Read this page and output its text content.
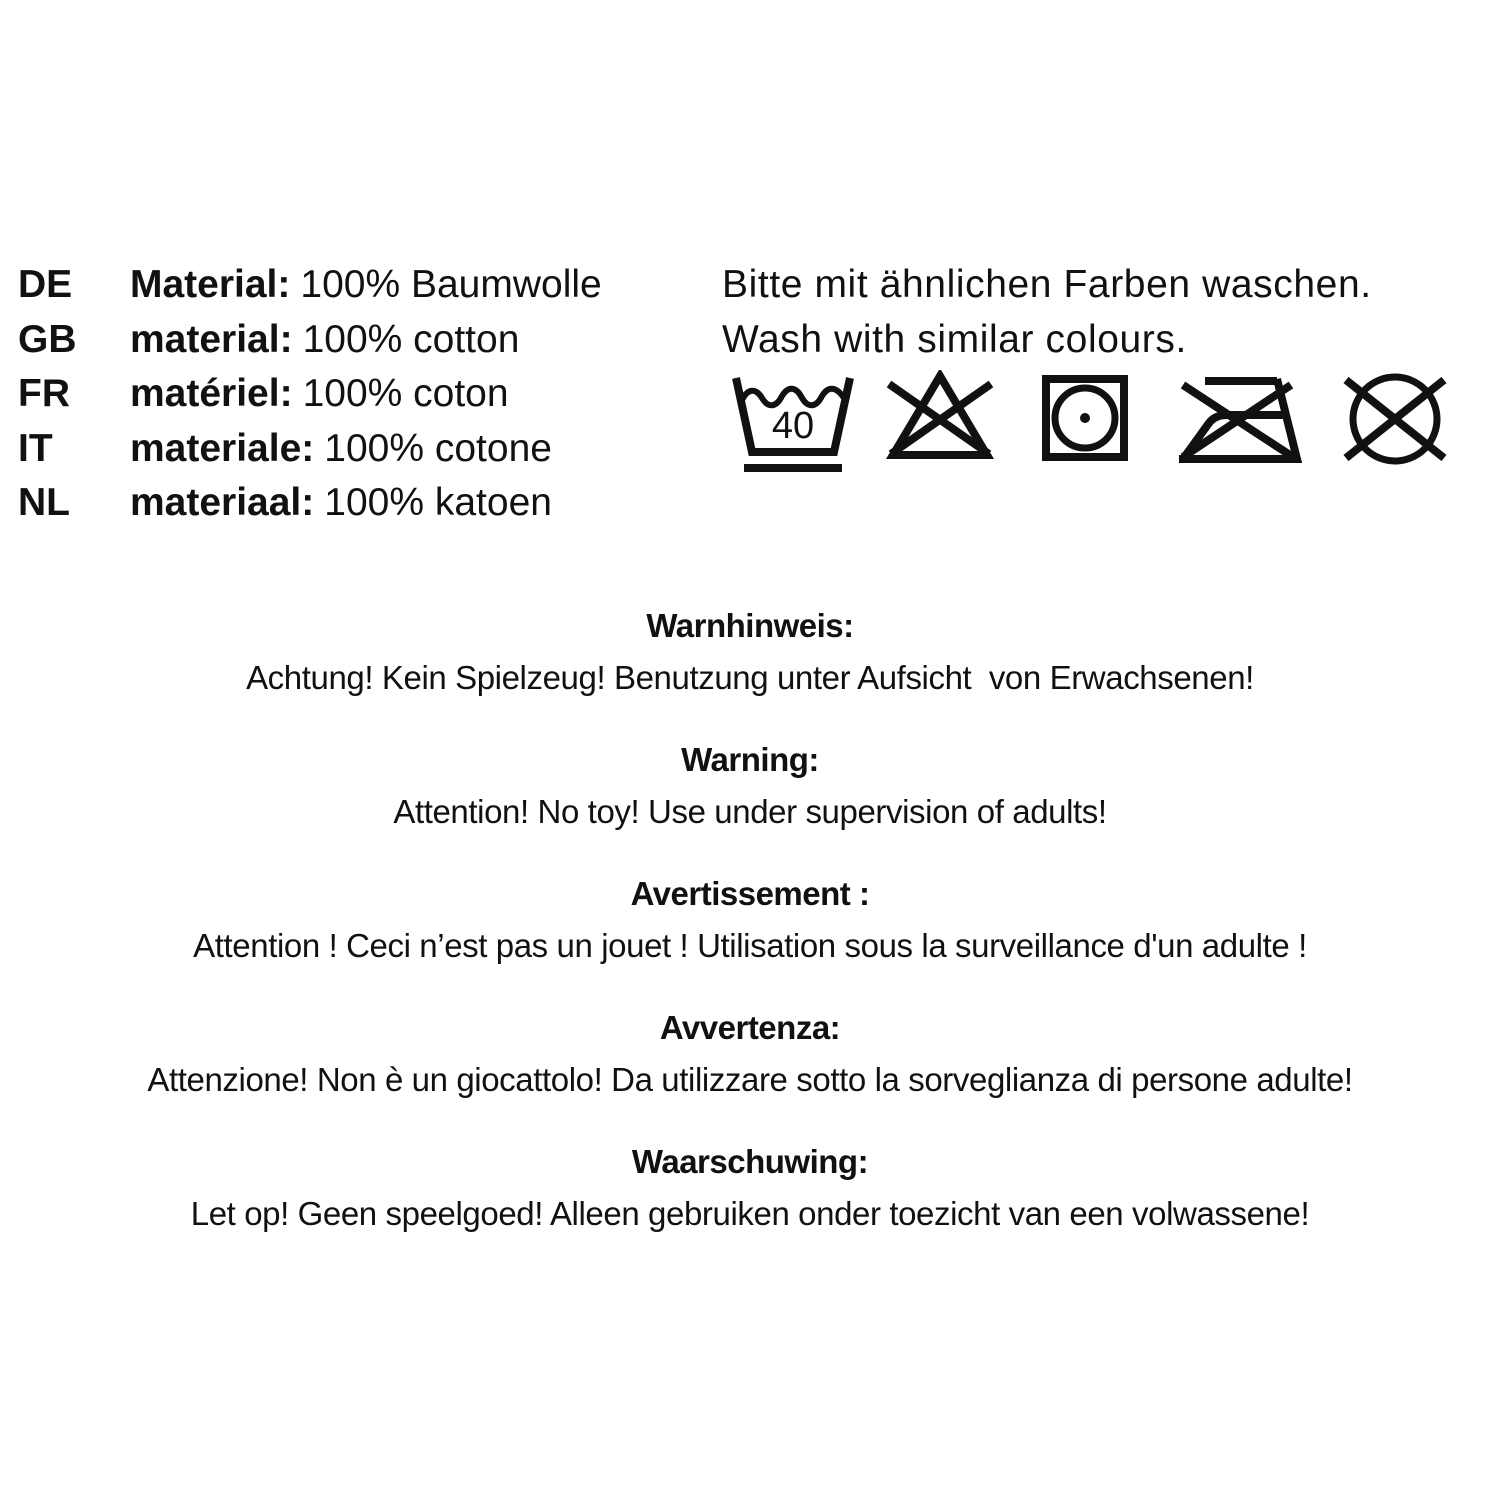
DE	Material: 100% Baumwolle
GB	material: 100% cotton
FR	matériel: 100% coton
IT	materiale: 100% cotone
NL	materiaal: 100% katoen
Bitte mit ähnlichen Farben waschen.
Wash with similar colours.
40
Warnhinweis:
Achtung! Kein Spielzeug! Benutzung unter Aufsicht  von Erwachsenen!
Warning:
Attention! No toy! Use under supervision of adults!
Avertissement :
Attention ! Ceci n’est pas un jouet ! Utilisation sous la surveillance d'un adulte !
Avvertenza:
Attenzione! Non è un giocattolo! Da utilizzare sotto la sorveglianza di persone adulte!
Waarschuwing:
Let op! Geen speelgoed! Alleen gebruiken onder toezicht van een volwassene!
